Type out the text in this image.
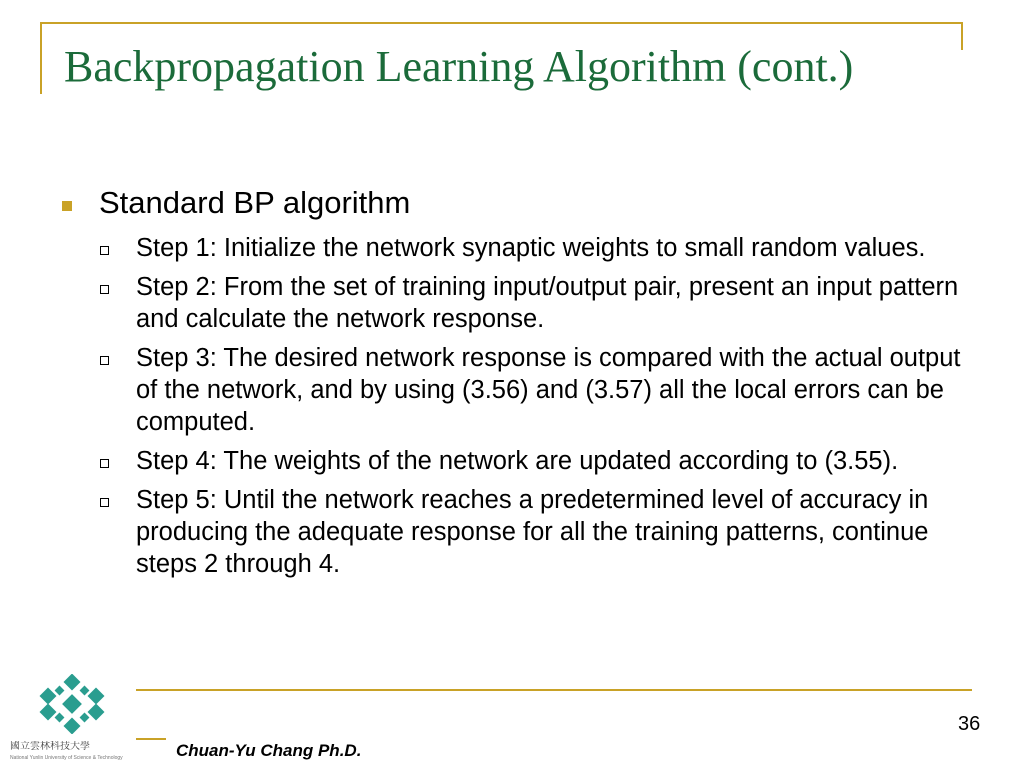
Backpropagation Learning Algorithm (cont.)
Standard BP algorithm
Step 1: Initialize the network synaptic weights to small random values.
Step 2: From the set of training input/output pair, present an input pattern and calculate the network response.
Step 3: The desired network response is compared with the actual output of the network, and by using (3.56) and (3.57) all the local errors can be computed.
Step 4: The weights of the network are updated according to (3.55).
Step 5: Until the network reaches a predetermined level of accuracy in producing the adequate response for all the training patterns, continue steps 2 through 4.
國立雲林科技大學
National Yunlin University of Science & Technology
36
Chuan-Yu Chang Ph.D.
